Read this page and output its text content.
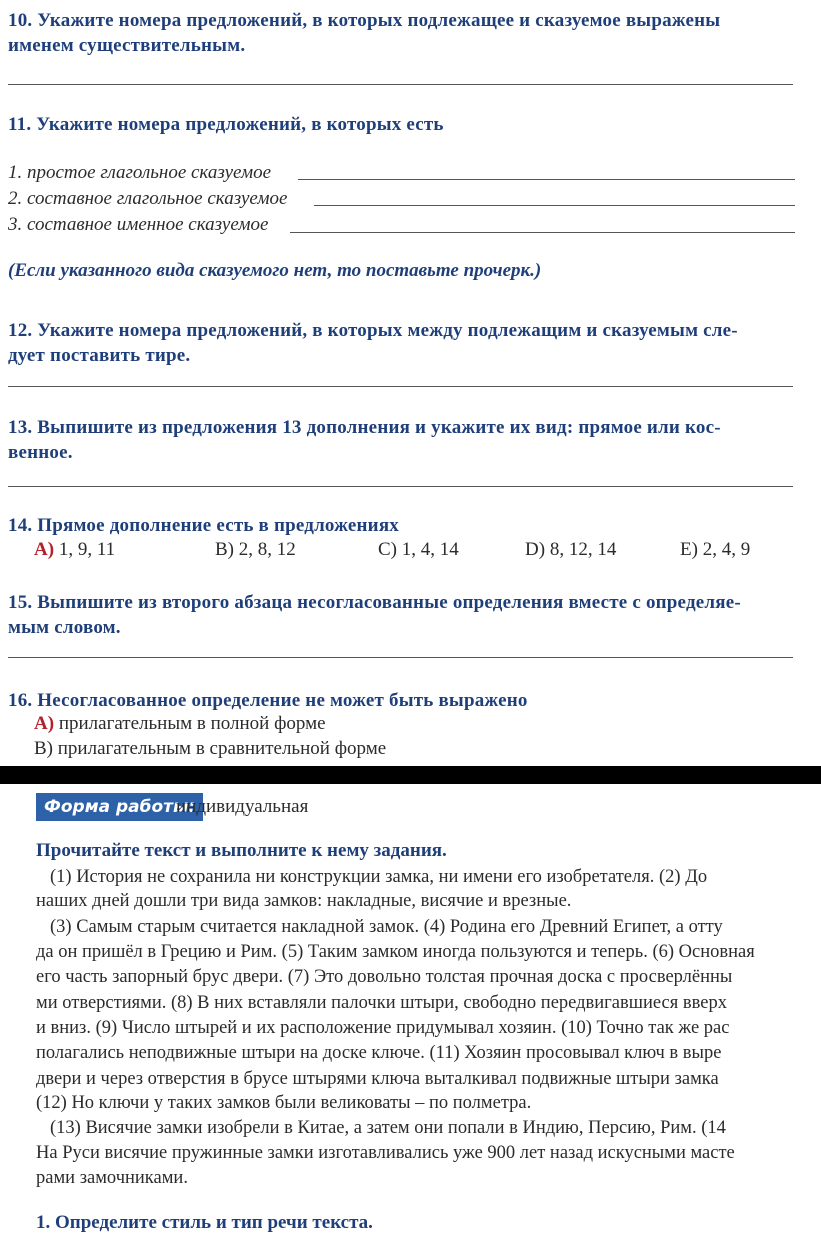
10. Укажите номера предложений, в которых подлежащее и сказуемое выражены
именем существительным.
11. Укажите номера предложений, в которых есть
1. простое глагольное сказуемое
2. составное глагольное сказуемое
3. составное именное сказуемое
(Если указанного вида сказуемого нет, то поставьте прочерк.)
12. Укажите номера предложений, в которых между подлежащим и сказуемым сле-
дует поставить тире.
13. Выпишите из предложения 13 дополнения и укажите их вид: прямое или кос-
венное.
14. Прямое дополнение есть в предложениях
A) 1, 9, 11	B) 2, 8, 12	C) 1, 4, 14	D) 8, 12, 14	E) 2, 4, 9
15. Выпишите из второго абзаца несогласованные определения вместе с определяе-
мым словом.
16. Несогласованное определение не может быть выражено
A) прилагательным в полной форме
B) прилагательным в сравнительной форме
Форма работы:
индивидуальная
Прочитайте текст и выполните к нему задания.
(1) История не сохранила ни конструкции замка, ни имени его изобретателя. (2) До
наших дней дошли три вида замков: накладные, висячие и врезные.
(3) Самым старым считается накладной замок. (4) Родина его Древний Египет, а отту
да он пришёл в Грецию и Рим. (5) Таким замком иногда пользуются и теперь. (6) Основная
его часть запорный брус двери. (7) Это довольно толстая прочная доска с просверлённы
ми отверстиями. (8) В них вставляли палочки штыри, свободно передвигавшиеся вверх
и вниз. (9) Число штырей и их расположение придумывал хозяин. (10) Точно так же рас
полагались неподвижные штыри на доске ключе. (11) Хозяин просовывал ключ в выре
двери и через отверстия в брусе штырями ключа выталкивал подвижные штыри замка
(12) Но ключи у таких замков были великоваты – по полметра.
(13) Висячие замки изобрели в Китае, а затем они попали в Индию, Персию, Рим. (14
На Руси висячие пружинные замки изготавливались уже 900 лет назад искусными масте
рами замочниками.
1. Определите стиль и тип речи текста.
